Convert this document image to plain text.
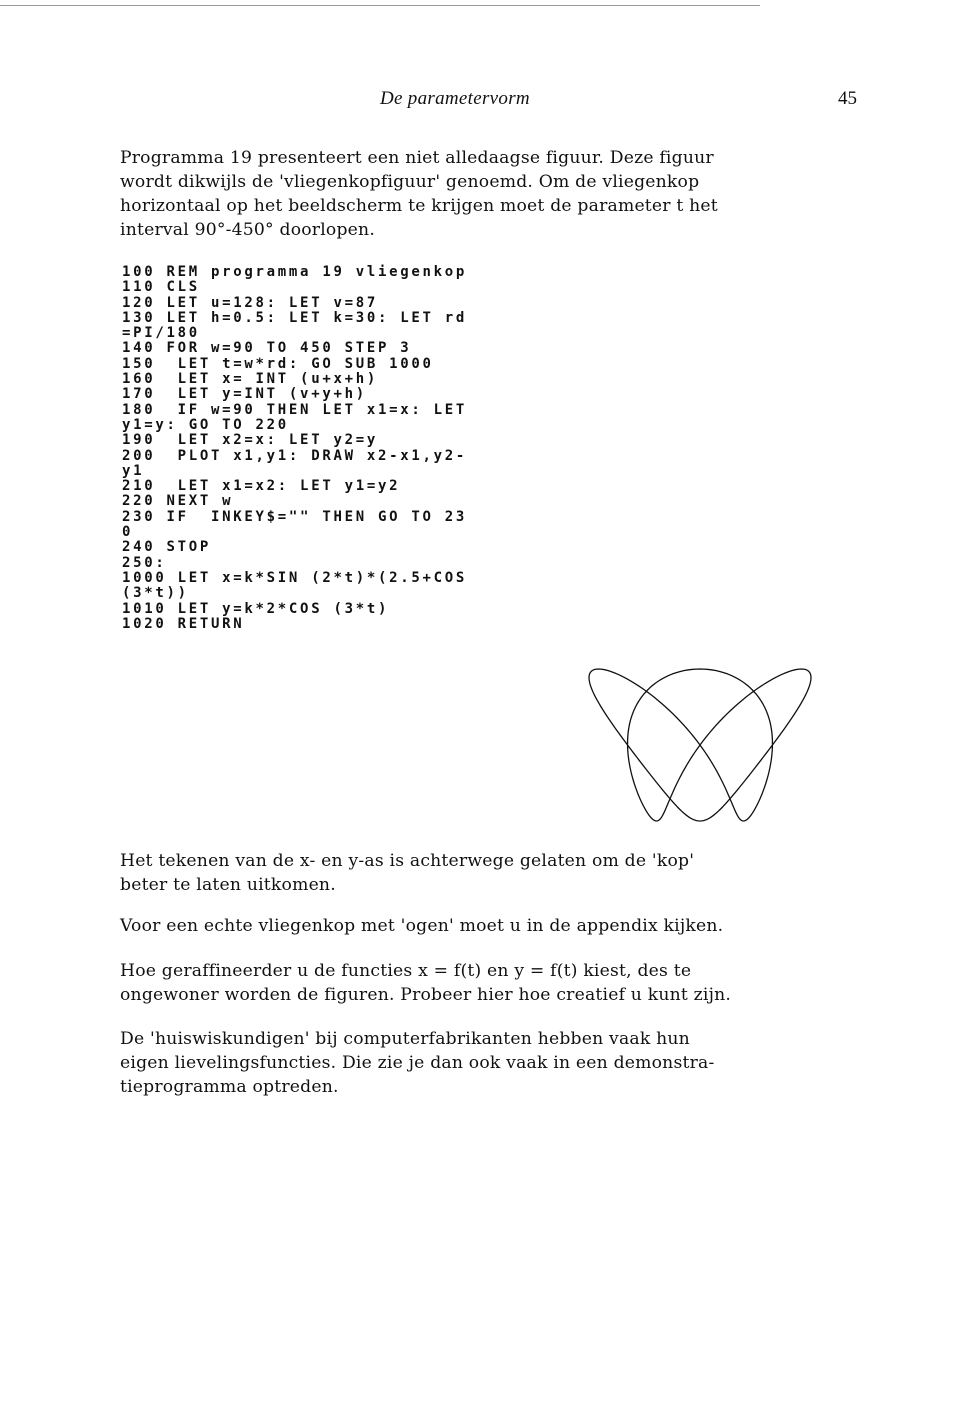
De parametervorm	45

Programma 19 presenteert een niet alledaagse figuur. Deze figuur
wordt dikwijls de 'vliegenkopfiguur' genoemd. Om de vliegenkop
horizontaal op het beeldscherm te krijgen moet de parameter t het
interval 90°-450° doorlopen.

100 REM programma 19 vliegenkop
110 CLS
120 LET u=128: LET v=87
130 LET h=0.5: LET k=30: LET rd
=PI/180
140 FOR w=90 TO 450 STEP 3
150  LET t=w*rd: GO SUB 1000
160  LET x= INT (u+x+h)
170  LET y=INT (v+y+h)
180  IF w=90 THEN LET x1=x: LET
y1=y: GO TO 220
190  LET x2=x: LET y2=y
200  PLOT x1,y1: DRAW x2-x1,y2-
y1
210  LET x1=x2: LET y1=y2
220 NEXT w
230 IF  INKEY$="" THEN GO TO 23
0
240 STOP
250:
1000 LET x=k*SIN (2*t)*(2.5+COS
(3*t))
1010 LET y=k*2*COS (3*t)
1020 RETURN

Het tekenen van de x- en y-as is achterwege gelaten om de 'kop'
beter te laten uitkomen.

Voor een echte vliegenkop met 'ogen' moet u in de appendix kijken.

Hoe geraffineerder u de functies x = f(t) en y = f(t) kiest, des te
ongewoner worden de figuren. Probeer hier hoe creatief u kunt zijn.

De 'huiswiskundigen' bij computerfabrikanten hebben vaak hun
eigen lievelingsfuncties. Die zie je dan ook vaak in een demonstra-
tieprogramma optreden.
